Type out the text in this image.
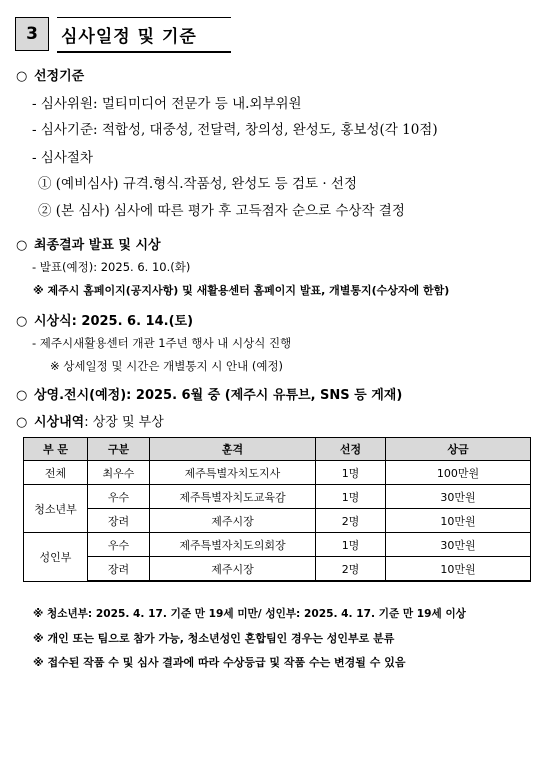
3	심사일정 및 기준
○ 선정기준
- 심사위원: 멀티미디어 전문가 등 내.외부위원
- 심사기준: 적합성, 대중성, 전달력, 창의성, 완성도, 홍보성(각 10점)
- 심사절차
① (예비심사) 규격.형식.작품성, 완성도 등 검토 · 선정
② (본 심사) 심사에 따른 평가 후 고득점자 순으로 수상작 결정
○ 최종결과 발표 및 시상
- 발표(예정): 2025. 6. 10.(화)
※ 제주시 홈페이지(공지사항) 및 새활용센터 홈페이지 발표, 개별통지(수상자에 한함)
○ 시상식: 2025. 6. 14.(토)
- 제주시새활용센터 개관 1주년 행사 내 시상식 진행
※ 상세일정 및 시간은 개별통지 시 안내 (예정)
○ 상영.전시(예정): 2025. 6월 중 (제주시 유튜브, SNS 등 게재)
○ 시상내역: 상장 및 부상
부 문	구분	훈격	선정	상금
전체	최우수	제주특별자치도지사	1명	100만원
청소년부	우수	제주특별자치도교육감	1명	30만원
	장려	제주시장	2명	10만원
성인부	우수	제주특별자치도의회장	1명	30만원
	장려	제주시장	2명	10만원
※ 청소년부: 2025. 4. 17. 기준 만 19세 미만/ 성인부: 2025. 4. 17. 기준 만 19세 이상
※ 개인 또는 팀으로 참가 가능, 청소년성인 혼합팀인 경우는 성인부로 분류
※ 접수된 작품 수 및 심사 결과에 따라 수상등급 및 작품 수는 변경될 수 있음
